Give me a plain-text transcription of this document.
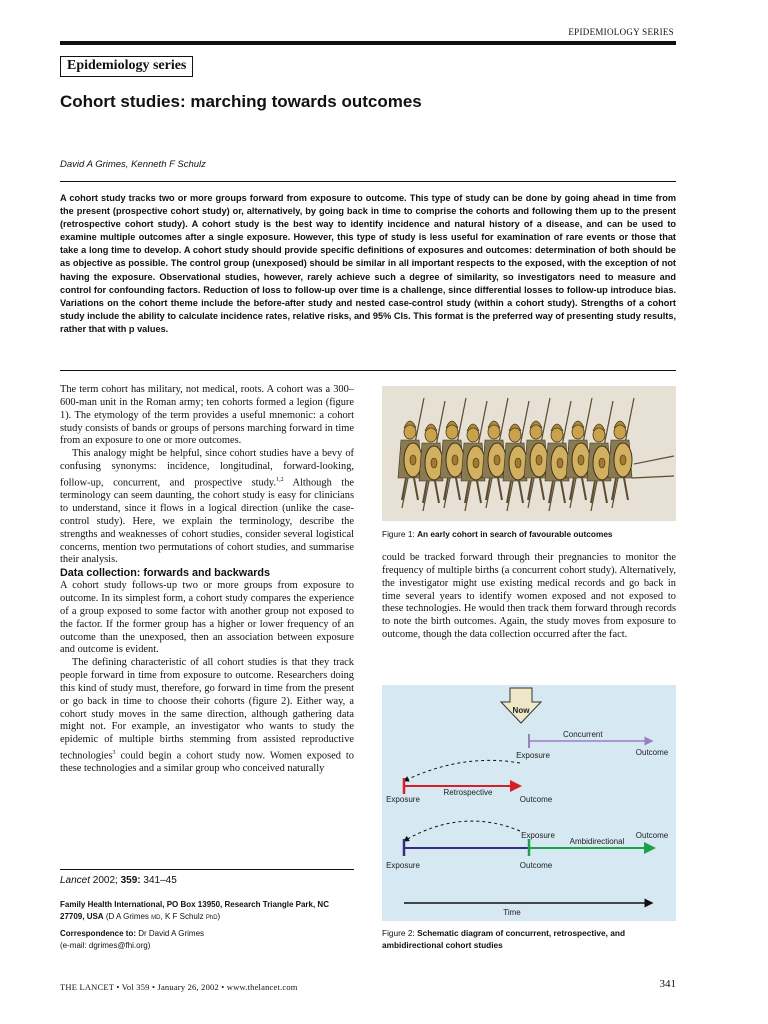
EPIDEMIOLOGY SERIES
Epidemiology series
Cohort studies: marching towards outcomes
David A Grimes, Kenneth F Schulz
A cohort study tracks two or more groups forward from exposure to outcome. This type of study can be done by going ahead in time from the present (prospective cohort study) or, alternatively, by going back in time to comprise the cohorts and following them up to the present (retrospective cohort study). A cohort study is the best way to identify incidence and natural history of a disease, and can be used to examine multiple outcomes after a single exposure. However, this type of study is less useful for examination of rare events or those that take a long time to develop. A cohort study should provide specific definitions of exposures and outcomes: determination of both should be as objective as possible. The control group (unexposed) should be similar in all important respects to the exposed, with the exception of not having the exposure. Observational studies, however, rarely achieve such a degree of similarity, so investigators need to measure and control for confounding factors. Reduction of loss to follow-up over time is a challenge, since differential losses to follow-up introduce bias. Variations on the cohort theme include the before-after study and nested case-control study (within a cohort study). Strengths of a cohort study include the ability to calculate incidence rates, relative risks, and 95% CIs. This format is the preferred way of presenting study results, rather that with p values.

The term cohort has military, not medical, roots. A cohort was a 300–600-man unit in the Roman army; ten cohorts formed a legion (figure 1). The etymology of the term provides a useful mnemonic: a cohort study consists of bands or groups of persons marching forward in time from an exposure to one or more outcomes.

This analogy might be helpful, since cohort studies have a bevy of confusing synonyms: incidence, longitudinal, forward-looking, follow-up, concurrent, and prospective study.$^{1,2}$ Although the terminology can seem daunting, the cohort study is easy for clinicians to understand, since it flows in a logical direction (unlike the case-control study). Here, we explain the terminology, describe the strengths and weaknesses of cohort studies, consider several logistical concerns, mention two permutations of cohort studies, and summarise their analysis.

Data collection: forwards and backwards

A cohort study follows-up two or more groups from exposure to outcome. In its simplest form, a cohort study compares the experience of a group exposed to some factor with another group not exposed to the factor. If the former group has a higher or lower frequency of an outcome than the unexposed, then an association between exposure and outcome is evident.

The defining characteristic of all cohort studies is that they track people forward in time from exposure to outcome. Researchers doing this kind of study must, therefore, go forward in time from the present or go back in time to choose their cohorts (figure 2). Either way, a cohort study moves in the same direction, although gathering data might not. For example, an investigator who wants to study the epidemic of multiple births stemming from assisted reproductive technologies$^3$ could begin a cohort study now. Women exposed to these technologies and a similar group who conceived naturally

Lancet 2002; 359: 341–45
Family Health International, PO Box 13950, Research Triangle Park, NC 27709, USA (D A Grimes MD, K F Schulz PhD)
Correspondence to: Dr David A Grimes
(e-mail: dgrimes@fhi.org)
Figure 1: An early cohort in search of favourable outcomes

could be tracked forward through their pregnancies to monitor the frequency of multiple births (a concurrent cohort study). Alternatively, the investigator might use existing medical records and go back in time several years to identify women exposed and not exposed to these technologies. He would then track them forward through records to note the birth outcomes. Again, the study moves from exposure to outcome, though the data collection occurred after the fact.

Now
Concurrent
Exposure	Outcome
Retrospective
Exposure	Outcome
Exposure
Ambidirectional
Outcome
Exposure	Outcome
Time
Figure 2: Schematic diagram of concurrent, retrospective, and ambidirectional cohort studies
THE LANCET • Vol 359 • January 26, 2002 • www.thelancet.com	341
